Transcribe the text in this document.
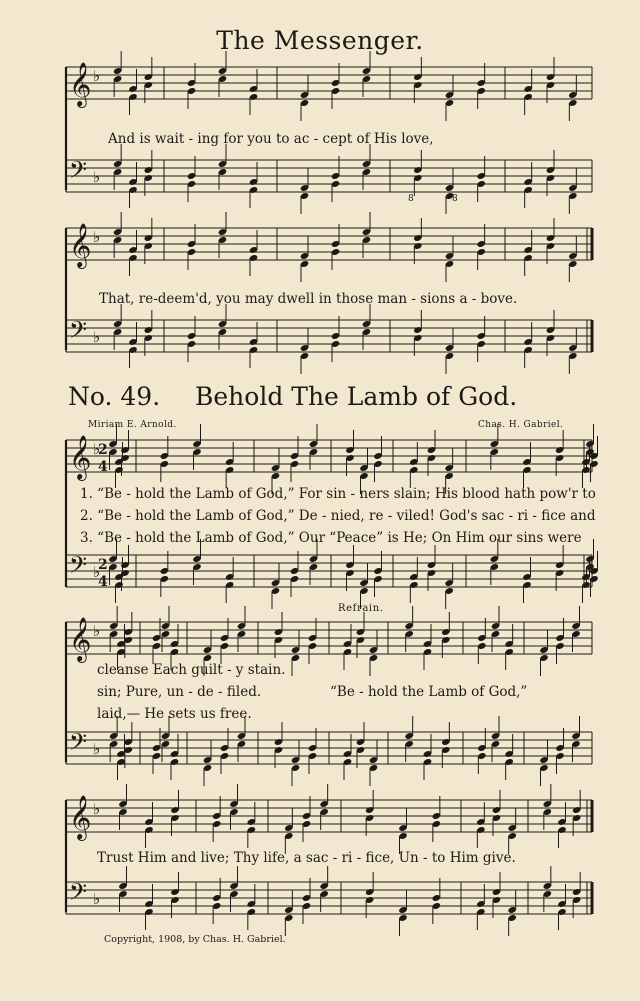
𝄞 ♭
𝄢 ♭
𝄞 ♭
𝄢 ♭
𝄞 ♭
𝄢 ♭
𝄞 ♭
𝄢 ♭
𝄞 ♭
𝄢 ♭
2
4
2
4
The Messenger.
And is wait - ing for you to ac - cept of His love,
That, re-deem'd, you may dwell in those man - sions a - bove.
8	8
No. 49. Behold The Lamb of God.
Miriam E. Arnold.	Chas. H. Gabriel.
1. “Be - hold the Lamb of God,” For sin - ners slain; His blood hath pow'r to
2. “Be - hold the Lamb of God,” De - nied, re - viled! God's sac - ri - fice and
3. “Be - hold the Lamb of God,” Our “Peace” is He; On Him our sins were
Refrain.
cleanse Each guilt - y stain.
sin; Pure, un - de - filed.
laid,— He sets us free.
“Be - hold the Lamb of God,”
Trust Him and live; Thy life, a sac - ri - fice, Un - to Him give.
Copyright, 1908, by Chas. H. Gabriel.
